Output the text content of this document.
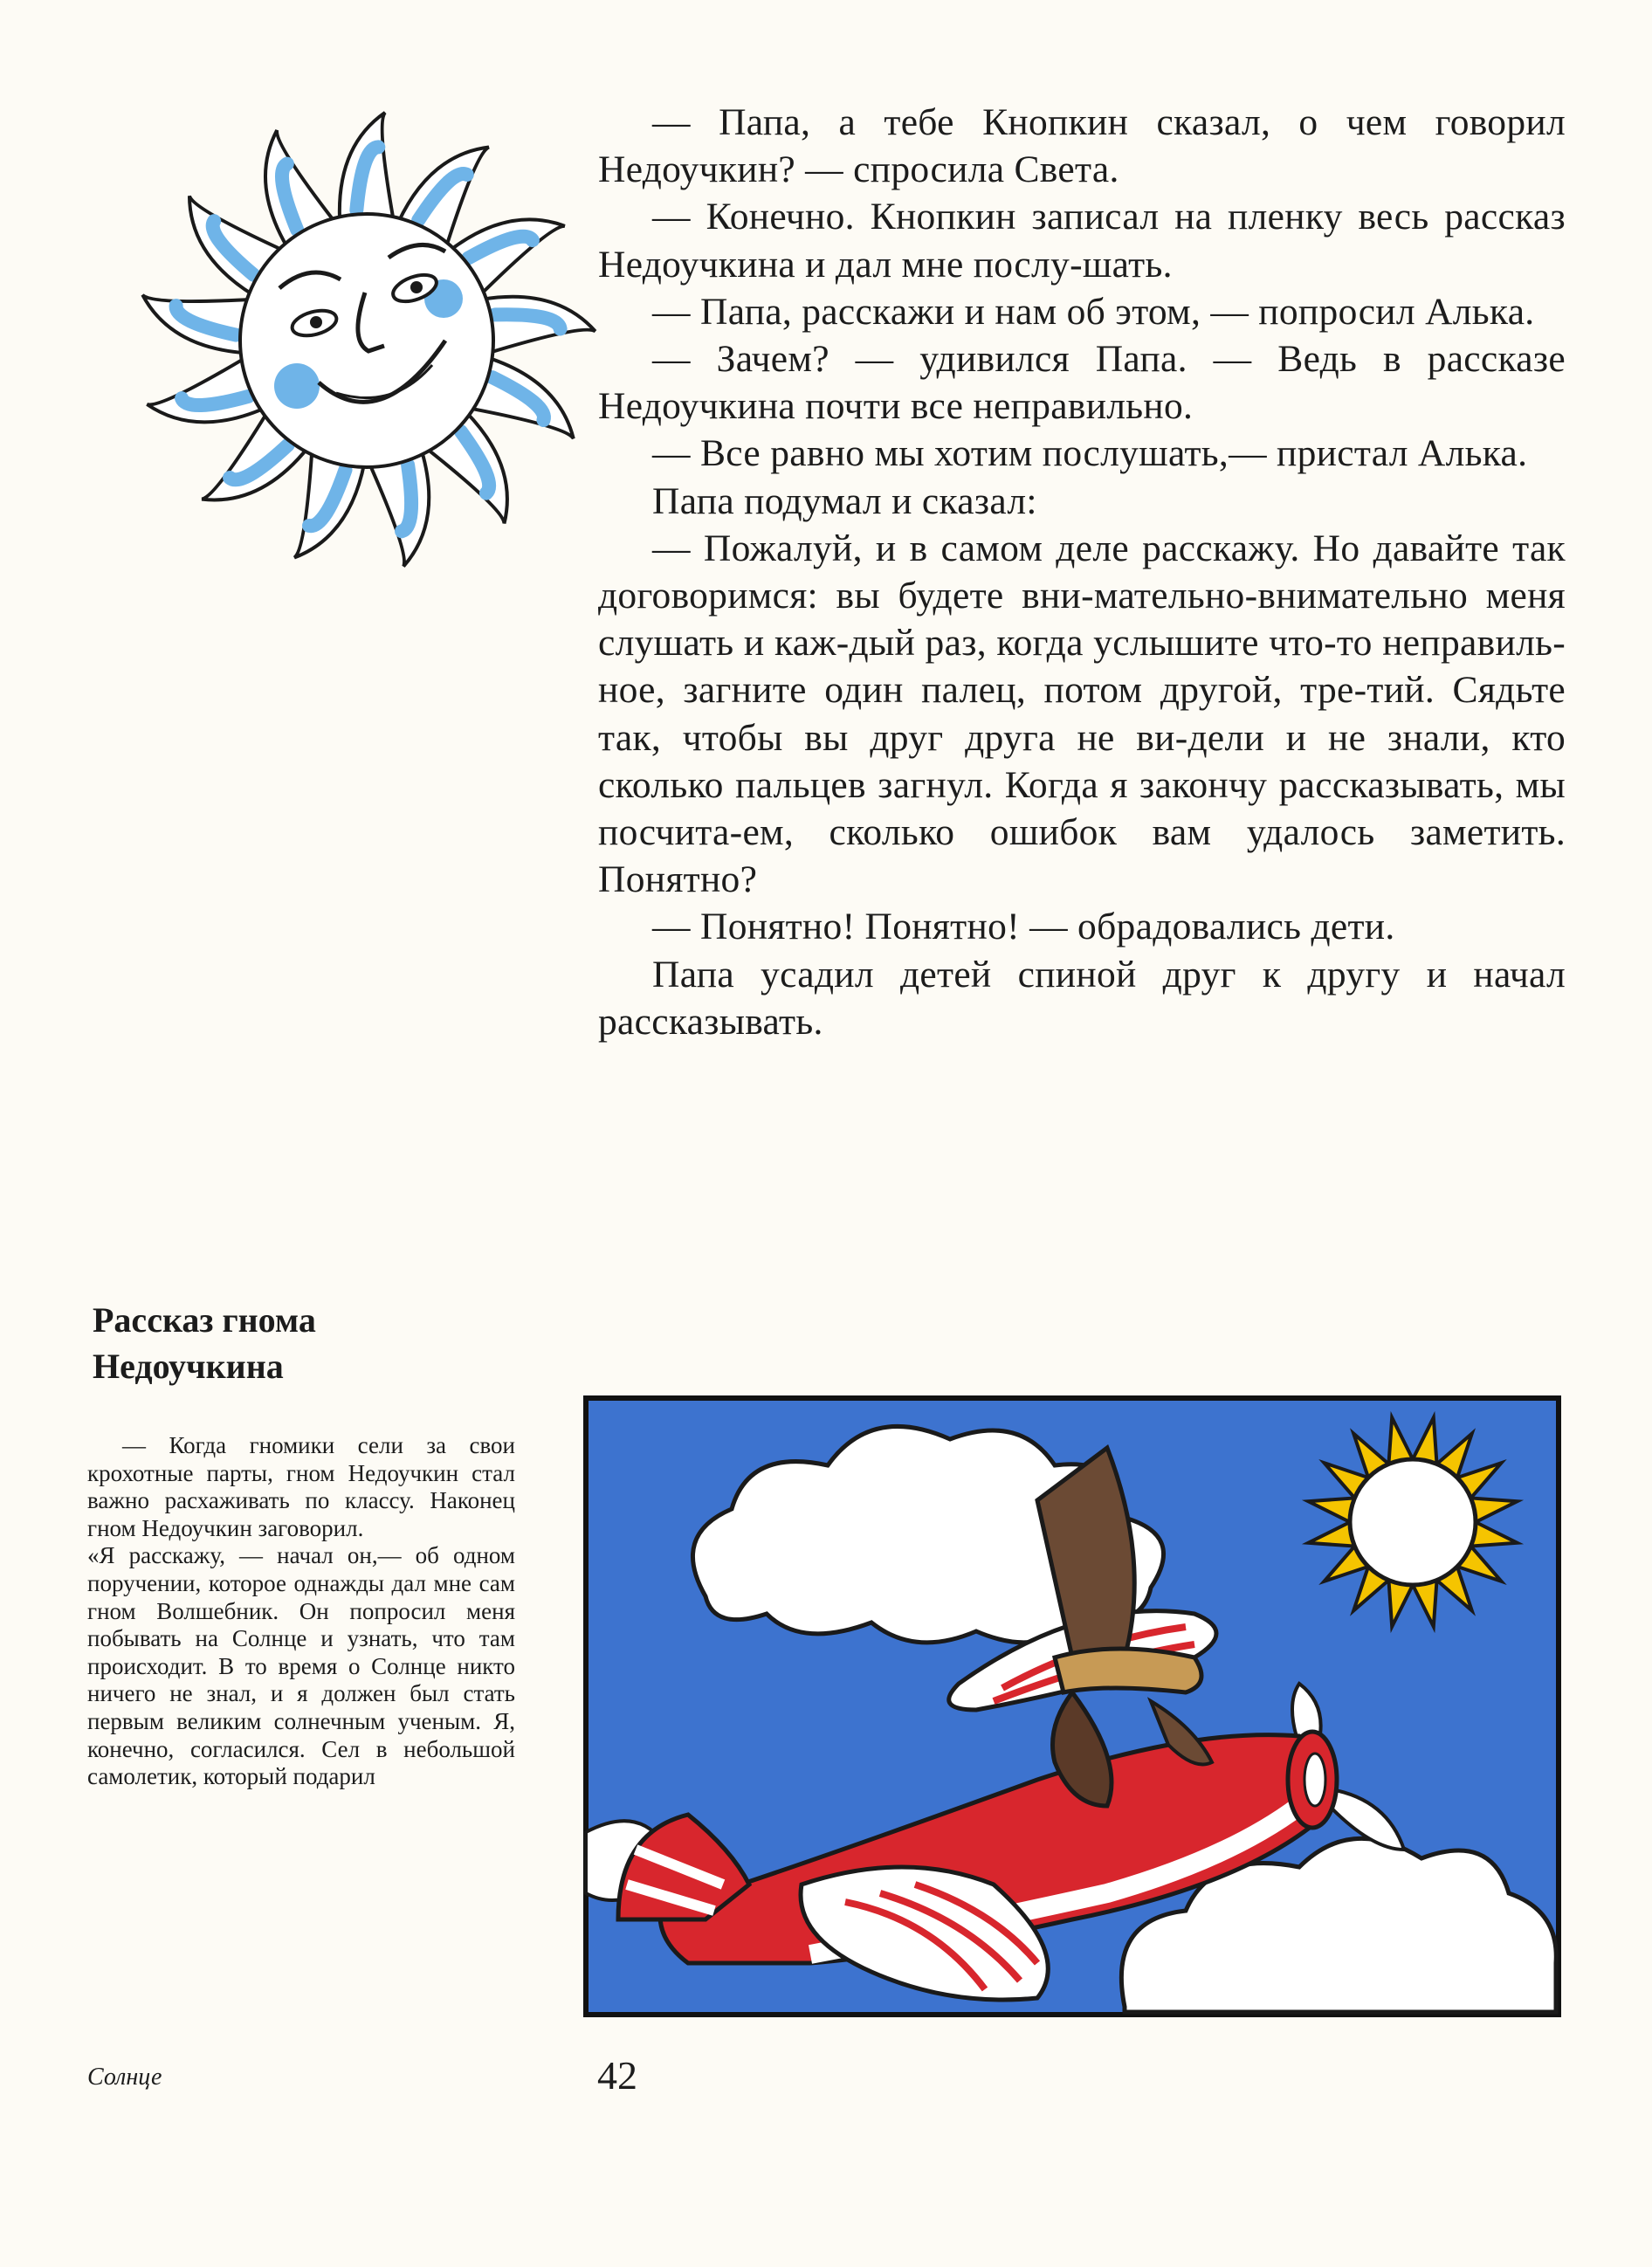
— Папа, а тебе Кнопкин сказал, о чем говорил Недоучкин? — спросила Света.

— Конечно. Кнопкин записал на пленку весь рассказ Недоучкина и дал мне послу-шать.

— Папа, расскажи и нам об этом, — попросил Алька.

— Зачем? — удивился Папа. — Ведь в рассказе Недоучкина почти все неправильно.

— Все равно мы хотим послушать,— пристал Алька.

Папа подумал и сказал:

— Пожалуй, и в самом деле расскажу. Но давайте так договоримся: вы будете вни-мательно-внимательно меня слушать и каж-дый раз, когда услышите что-то неправиль-ное, загните один палец, потом другой, тре-тий. Сядьте так, чтобы вы друг друга не ви-дели и не знали, кто сколько пальцев загнул. Когда я закончу рассказывать, мы посчита-ем, сколько ошибок вам удалось заметить. Понятно?

— Понятно! Понятно! — обрадовались дети.

Папа усадил детей спиной друг к другу и начал рассказывать.

Рассказ гнома Недоучкина

— Когда гномики сели за свои крохотные парты, гном Недоучкин стал важно расхаживать по классу. Наконец гном Недоучкин заговорил.

«Я расскажу, — начал он,— об одном поручении, которое однажды дал мне сам гном Волшебник. Он попросил меня побывать на Солнце и узнать, что там происходит. В то время о Солнце никто ничего не знал, и я должен был стать первым великим солнечным ученым. Я, конечно, согласился. Сел в небольшой самолетик, который подарил

Солнце	42
